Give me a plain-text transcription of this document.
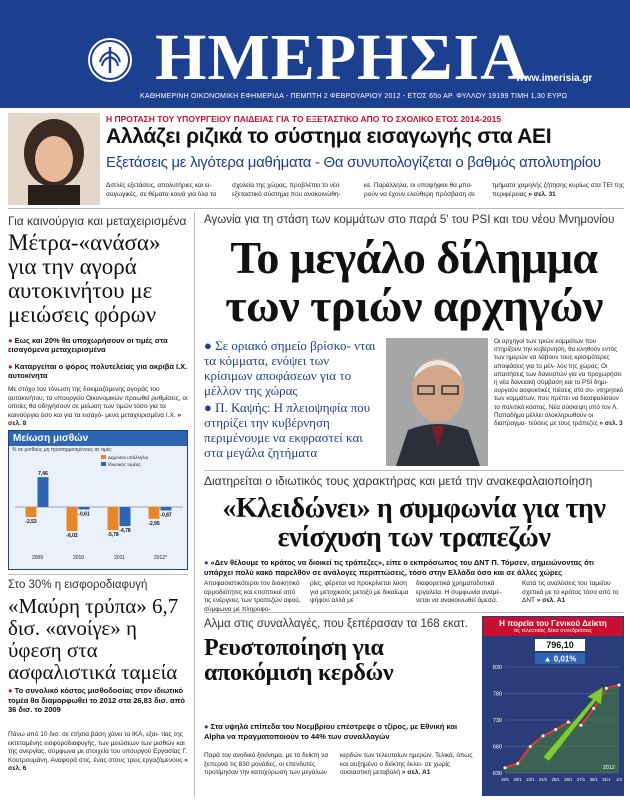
ΗΜΕΡΗΣΙΑ
www.imerisia.gr
ΚΑΘΗΜΕΡΙΝΗ ΟΙΚΟΝΟΜΙΚΗ ΕΦΗΜΕΡΙΔΑ - ΠΕΜΠΤΗ 2 ΦΕΒΡΟΥΑΡΙΟΥ 2012 - ΕΤΟΣ 65ο ΑΡ. ΦΥΛΛΟΥ 19199 ΤΙΜΗ 1,30 ΕΥΡΩ
Η ΠΡΟΤΑΣΗ ΤΟΥ ΥΠΟΥΡΓΕΙΟΥ ΠΑΙΔΕΙΑΣ ΓΙΑ ΤΟ ΕΞΕΤΑΣΤΙΚΟ ΑΠΟ ΤΟ ΣΧΟΛΙΚΟ ΕΤΟΣ 2014-2015
Αλλάζει ριζικά το σύστημα εισαγωγής στα ΑΕΙ
Εξετάσεις με λιγότερα μαθήματα - Θα συνυπολογίζεται ο βαθμός απολυτηρίου
Διπλές εξετάσεις, απολυτήριες και ει- σαγωγικές, σε θέματα κοινά για όλα τα
σχολεία της χώρας, προβλέπει το νέο εξεταστικό σύστημα που ανακοινώθη-
κε. Παράλληλα, οι υποψήφιοι θα μπο- ρούν να έχουν ελεύθερη πρόσβαση σε
τμήματα χαμηλής ζήτησης κυρίως στα ΤΕΙ της περιφέρειας » σελ. 31
Για καινούργια και μεταχειρισμένα
Μέτρα-«ανάσα» για την αγορά αυτοκινήτου με μειώσεις φόρων
● Εως και 20% θα υποχωρήσουν οι τιμές στα εισαγόμενα μεταχειρισμένα
● Καταργείται ο φόρος πολυτελείας για ακριβά Ι.Χ. αυτοκίνητα
Με στόχο τον τόνωση της δοκιμαζόμενης αγοράς του αυτοκινήτου, το υπουργείο Οικονομικών προωθεί ρυθμίσεις, οι οποίες θα οδηγήσουν σε μείωση των τιμών τόσο για τα καινούργια όσο και για τα εισαγό- μενα μεταχειρισμένα Ι.Χ. » σελ. 8
Μείωση μισθών
% σε μισθούς μη προσαρμοσμένους σε τιμές
Δημόσιοι υπάλληλοι
Ιδιωτικός τομέας
-2,53
7,46
2009
-6,02
-0,61
2010
-5,78
-4,78
2011
-2,95
-0,87
2012*
Στο 30% η εισφοροδιαφυγή
«Μαύρη τρύπα» 6,7 δισ. «ανοίγε» η ύφεση στα ασφαλιστικά ταμεία
● Το συνολικό κόστος μισθοδοσίας στον ιδιωτικό τομέα θα διαμορφωθεί το 2012 στα 26,83 δισ. από 36 δισ. το 2009
Πάνω από 10 δισ. σε ετήσια βάση χάνει το ΙΚΑ, εξαι- τίας της εκτεταμένης εισφοροδιαφυγής, των μειώσεων των μισθών και της ανεργίας, σύμφωνα με στοιχεία του υπουργού Εργασίας Γ. Κουτρουμάνη. Αναφορά στις, ένας στους τρεις εργαζόμενους » σελ. 6
Αγωνία για τη στάση των κομμάτων στο παρά 5' του PSI και του νέου Μνημονίου
Το μεγάλο δίλημμα των τριών αρχηγών
● Σε οριακό σημείο βρίσκο- νται τα κόμματα, ενόψει των κρίσιμων αποφάσεων για το μέλλον της χώρας
● Π. Καψής: Η πλειοψηφία που στηρίζει την κυβέρνηση περιμένουμε να εκφραστεί και στα μεγάλα ζητήματα
Οι αρχηγοί των τριών κομμάτων που στηρίζουν την κυβέρνηση, θα κληθούν εντός των ημερών να λάβουν τους κρισιμότερες αποφάσεις για το μέλ- λον της χώρας. Οι απαιτήσεις των δανειστών για να προχωρήσει η νέα δανειακή σύμβαση και το PSI δημι- ουργούν ασφυκτικές πιέσεις στο συ- ντηρητικό των κομμάτων, που πρέπει να διασφαλίσουν το πολιτικό κόστος. Νέα σύσκεψη υπό τον Λ. Παπαδήμο μέλλει ολοκληρωθούν οι διαπραγμα- τεύσεις με τους τράπεζες » σελ. 3
Διατηρείται ο ιδιωτικός τους χαρακτήρας και μετά την ανακεφαλαιοποίηση
«Κλειδώνει» η συμφωνία για την ενίσχυση των τραπεζών
● «Δεν θέλουμε το κράτος να διοικεί τις τράπεζες», είπε ο εκπρόσωπος του ΔΝΤ Π. Τόμσεν, σημειώνοντας ότι υπάρχει πολύ κακό παρελθόν σε ανάλογες περιπτώσεις, τόσο στην Ελλάδα όσο και σε άλλες χώρες
Αποφασιστικότεροι τον διοικητικό αρμοδιότητες και εποπτικοί από τις ενέργειες των τραπεζών αφού, σύμφωνα με πληροφο-
ρίες, φέρεται να προκρίνεται λύση για μετοχικούς μεταξύ με δικαίωμα ψήφου αλλά με
διαφορετικά χρηματοδοτικά εργαλεία. Η συμφωνία αναμέ- νεται να ανακοινωθεί άμεσα.
Κατά τις αναλύσεις του ταμείου σχετικά με το κράτος τόσο από το ΔΝΤ » σελ. A1
Αλμα στις συναλλαγές, που ξεπέρασαν τα 168 εκατ.
Ρευστοποίηση για αποκόμιση κερδών
● Στα υψηλά επίπεδα του Νοεμβρίου επέστρεψε ο τζίρος, με Εθνική και Alpha να πραγματοποιούν το 44% των συναλλαγών
Παρά τον ανοδικό ξεκίνημα, με το δείκτη να ξεπερνά τις 830 μονάδες, οι επενδυτές προτίμησαν την κατοχύρωση των μεγάλων
κερδών των τελευταίων ημερών. Τελικά, όπως και αυξημένο ο δείκτης έκλει- σε χωρίς ουσιαστική μεταβολή » σελ. A1
Η πορεία του Γενικού Δείκτη
τις τελευταίες δέκα συνεδριάσεις
830
780
730
680
630
796,10
▲ 0,01%
2012
19/1 20/1 23/1 24/1 25/1 26/1 27/1 30/1 31/1 1/2
